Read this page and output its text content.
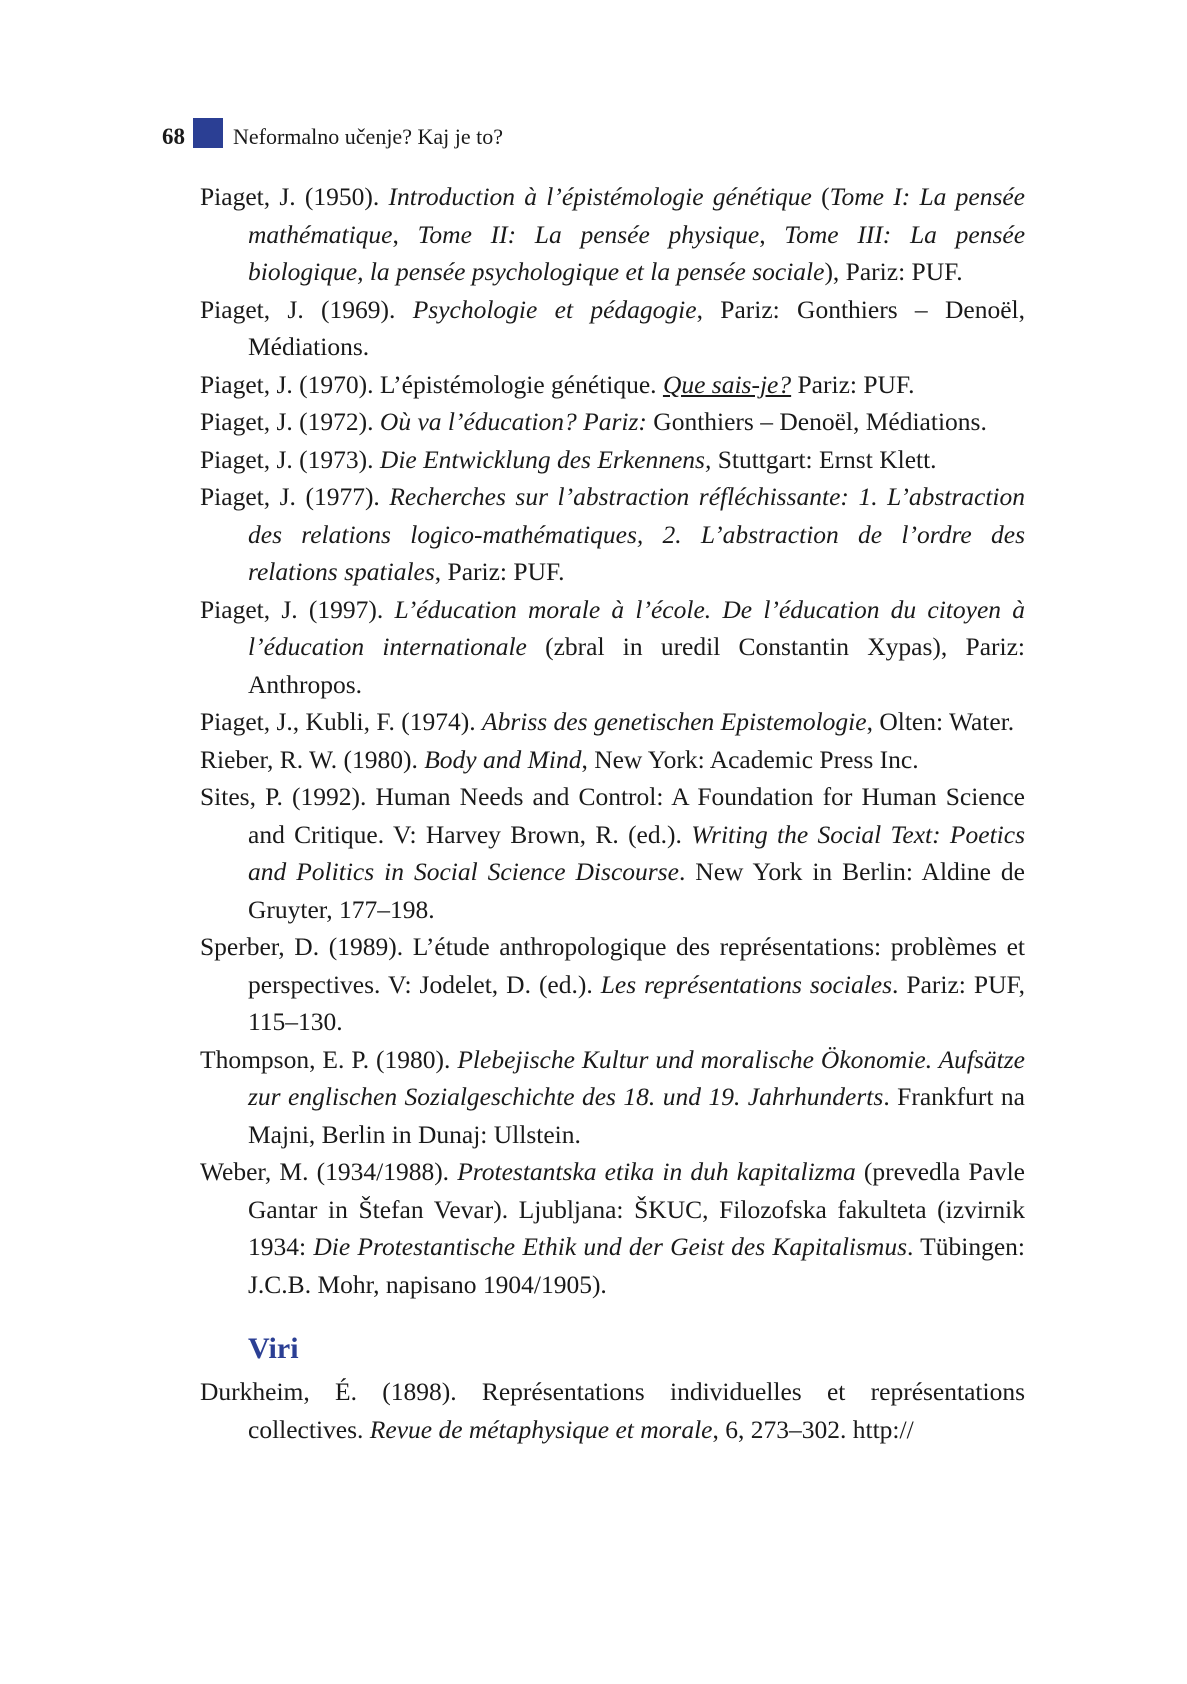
68 Neformalno učenje? Kaj je to?

Piaget, J. (1950). Introduction à l’épistémologie génétique (Tome I: La pensée mathématique, Tome II: La pensée physique, Tome III: La pensée biologique, la pensée psychologique et la pensée sociale), Pariz: PUF.

Piaget, J. (1969). Psychologie et pédagogie, Pariz: Gonthiers – Denoël, Médiations.

Piaget, J. (1970). L’épistémologie génétique. Que sais-je? Pariz: PUF.

Piaget, J. (1972). Où va l’éducation? Pariz: Gonthiers – Denoël, Médiations.

Piaget, J. (1973). Die Entwicklung des Erkennens, Stuttgart: Ernst Klett.

Piaget, J. (1977). Recherches sur l’abstraction réfléchissante: 1. L’abstraction des relations logico-mathématiques, 2. L’abstraction de l’ordre des relations spatiales, Pariz: PUF.

Piaget, J. (1997). L’éducation morale à l’école. De l’éducation du citoyen à l’éducation internationale (zbral in uredil Constantin Xypas), Pariz: Anthropos.

Piaget, J., Kubli, F. (1974). Abriss des genetischen Epistemologie, Olten: Water.

Rieber, R. W. (1980). Body and Mind, New York: Academic Press Inc.

Sites, P. (1992). Human Needs and Control: A Foundation for Human Science and Critique. V: Harvey Brown, R. (ed.). Writing the Social Text: Poetics and Politics in Social Science Discourse. New York in Berlin: Aldine de Gruyter, 177–198.

Sperber, D. (1989). L’étude anthropologique des représentations: problèmes et perspectives. V: Jodelet, D. (ed.). Les représentations sociales. Pariz: PUF, 115–130.

Thompson, E. P. (1980). Plebejische Kultur und moralische Ökonomie. Aufsätze zur englischen Sozialgeschichte des 18. und 19. Jahrhunderts. Frankfurt na Majni, Berlin in Dunaj: Ullstein.

Weber, M. (1934/1988). Protestantska etika in duh kapitalizma (prevedla Pavle Gantar in Štefan Vevar). Ljubljana: ŠKUC, Filozofska fakulteta (izvirnik 1934: Die Protestantische Ethik und der Geist des Kapitalismus. Tübingen: J.C.B. Mohr, napisano 1904/1905).

Viri

Durkheim, É. (1898). Représentations individuelles et représentations collectives. Revue de métaphysique et morale, 6, 273–302. http://
